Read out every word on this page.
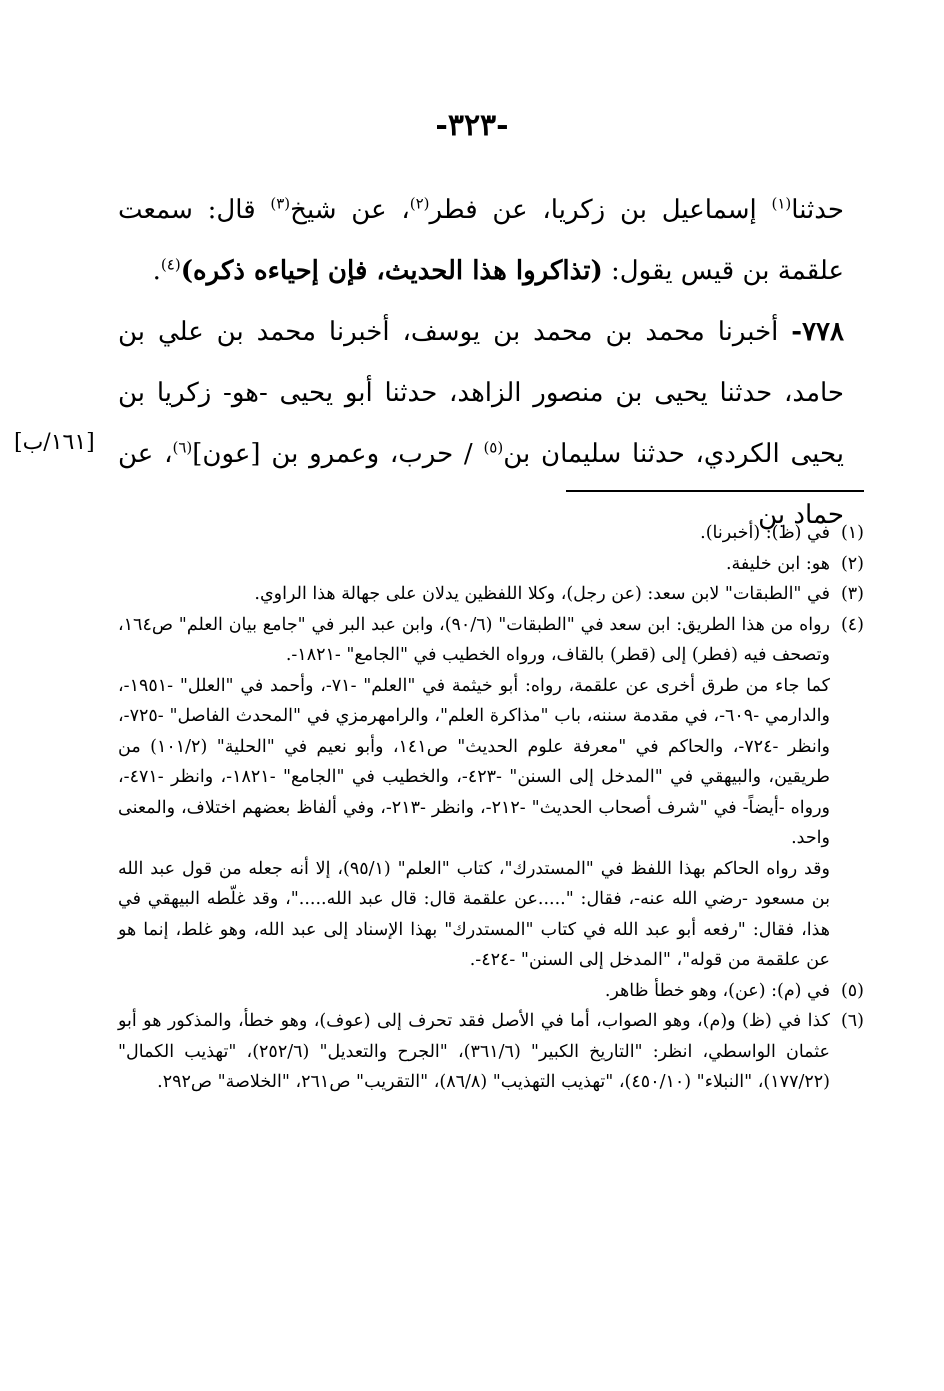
-٣٢٣-

حدثنا$^{(١)}$ إسماعيل بن زكريا، عن فطر$^{(٢)}$، عن شيخ$^{(٣)}$ قال: سمعت علقمة بن قيس يقول: (تذاكروا هذا الحديث، فإن إحياءه ذكره)$^{(٤)}$.

٧٧٨- أخبرنا محمد بن محمد بن يوسف، أخبرنا محمد بن علي بن حامد، حدثنا يحيى بن منصور الزاهد، حدثنا أبو يحيى -هو- زكريا بن يحيى الكردي، حدثنا سليمان بن$^{(٥)}$ / حرب، وعمرو بن [عون]$^{(٦)}$، عن حماد بن

[١٦١/ب]
(١)
في (ظ): (أخبرنا).
(٢)
هو: ابن خليفة.
(٣)
في "الطبقات" لابن سعد: (عن رجل)، وكلا اللفظين يدلان على جهالة هذا الراوي.
(٤)
رواه من هذا الطريق: ابن سعد في "الطبقات" (٩٠/٦)، وابن عبد البر في "جامع بيان العلم" ص١٦٤، وتصحف فيه (فطر) إلى (قطر) بالقاف، ورواه الخطيب في "الجامع" -١٨٢١-.
كما جاء من طرق أخرى عن علقمة، رواه: أبو خيثمة في "العلم" -٧١-، وأحمد في "العلل" -١٩٥١-، والدارمي -٦٠٩-، في مقدمة سننه، باب "مذاكرة العلم"، والرامهرمزي في "المحدث الفاصل" -٧٢٥-، وانظر -٧٢٤-، والحاكم في "معرفة علوم الحديث" ص١٤١، وأبو نعيم في "الحلية" (١٠١/٢) من طريقين، والبيهقي في "المدخل إلى السنن" -٤٢٣-، والخطيب في "الجامع" -١٨٢١-، وانظر -٤٧١-، ورواه -أيضاً- في "شرف أصحاب الحديث" -٢١٢-، وانظر -٢١٣-، وفي ألفاظ بعضهم اختلاف، والمعنى واحد.
وقد رواه الحاكم بهذا اللفظ في "المستدرك"، كتاب "العلم" (٩٥/١)، إلا أنه جعله من قول عبد الله بن مسعود -رضي الله عنه-، فقال: ".....عن علقمة قال: قال عبد الله....."، وقد غلّطه البيهقي في هذا، فقال: "رفعه أبو عبد الله في كتاب "المستدرك" بهذا الإسناد إلى عبد الله، وهو غلط، إنما هو عن علقمة من قوله"، "المدخل إلى السنن" -٤٢٤-.
(٥)
في (م): (عن)، وهو خطأ ظاهر.
(٦)
كذا في (ظ) و(م)، وهو الصواب، أما في الأصل فقد تحرف إلى (عوف)، وهو خطأ، والمذكور هو أبو عثمان الواسطي، انظر: "التاريخ الكبير" (٣٦١/٦)، "الجرح والتعديل" (٢٥٢/٦)، "تهذيب الكمال" (١٧٧/٢٢)، "النبلاء" (٤٥٠/١٠)، "تهذيب التهذيب" (٨٦/٨)، "التقريب" ص٢٦١، "الخلاصة" ص٢٩٢.
